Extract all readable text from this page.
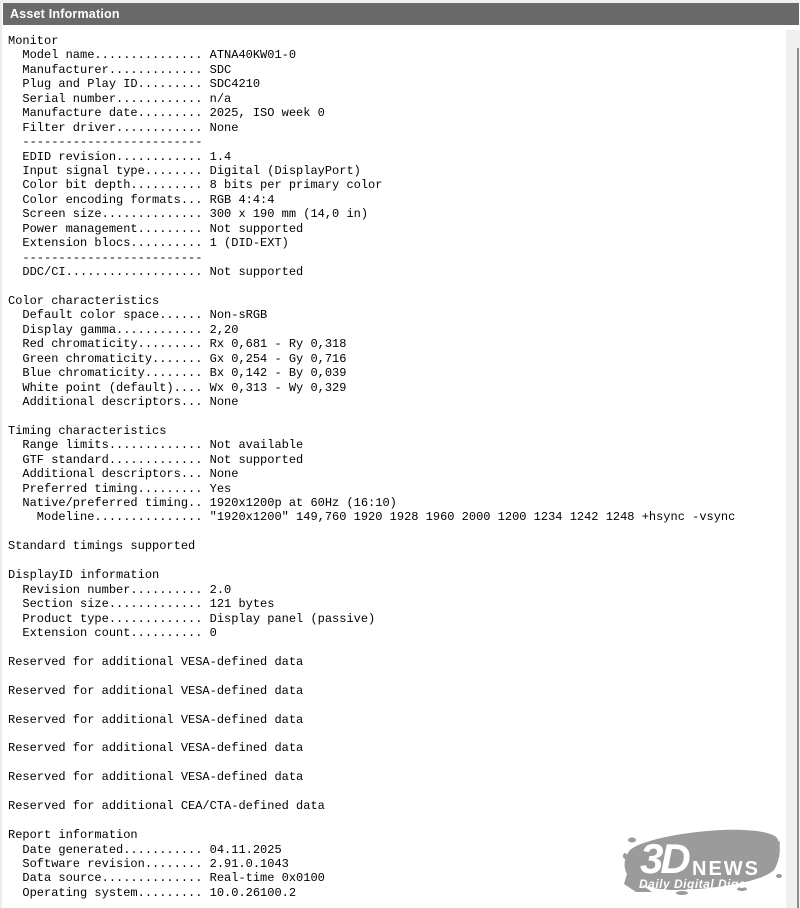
Asset Information
Monitor
Model name............... ATNA40KW01-0
Manufacturer............. SDC
Plug and Play ID......... SDC4210
Serial number............ n/a
Manufacture date......... 2025, ISO week 0
Filter driver............ None
-------------------------
EDID revision............ 1.4
Input signal type........ Digital (DisplayPort)
Color bit depth.......... 8 bits per primary color
Color encoding formats... RGB 4:4:4
Screen size.............. 300 x 190 mm (14,0 in)
Power management......... Not supported
Extension blocs.......... 1 (DID-EXT)
-------------------------
DDC/CI................... Not supported

Color characteristics
Default color space...... Non-sRGB
Display gamma............ 2,20
Red chromaticity......... Rx 0,681 - Ry 0,318
Green chromaticity....... Gx 0,254 - Gy 0,716
Blue chromaticity........ Bx 0,142 - By 0,039
White point (default).... Wx 0,313 - Wy 0,329
Additional descriptors... None

Timing characteristics
Range limits............. Not available
GTF standard............. Not supported
Additional descriptors... None
Preferred timing......... Yes
Native/preferred timing.. 1920x1200p at 60Hz (16:10)
Modeline............... "1920x1200" 149,760 1920 1928 1960 2000 1200 1234 1242 1248 +hsync -vsync

Standard timings supported

DisplayID information
Revision number.......... 2.0
Section size............. 121 bytes
Product type............. Display panel (passive)
Extension count.......... 0

Reserved for additional VESA-defined data

Reserved for additional VESA-defined data

Reserved for additional VESA-defined data

Reserved for additional VESA-defined data

Reserved for additional VESA-defined data

Reserved for additional CEA/CTA-defined data

Report information
Date generated........... 04.11.2025
Software revision........ 2.91.0.1043
Data source.............. Real-time 0x0100
Operating system......... 10.0.26100.2
3D NEWS
Daily Digital Digest
